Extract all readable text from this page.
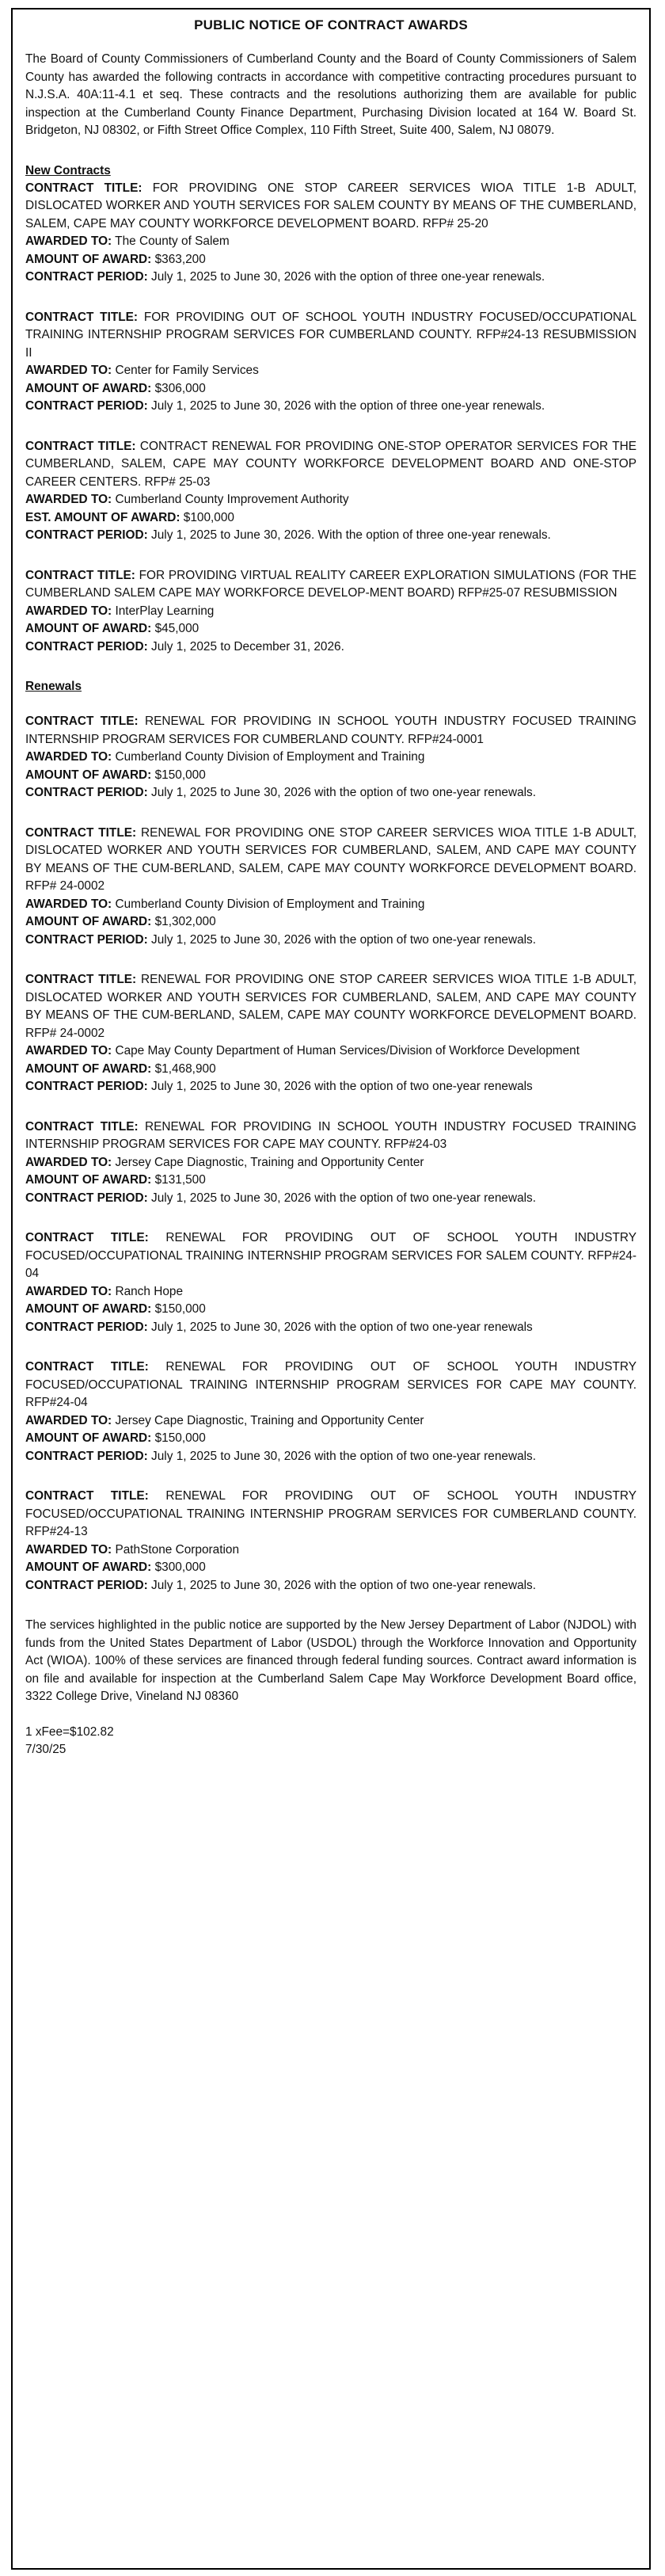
PUBLIC NOTICE OF CONTRACT AWARDS

The Board of County Commissioners of Cumberland County and the Board of County Commissioners of Salem County has awarded the following contracts in accordance with competitive contracting procedures pursuant to N.J.S.A. 40A:11-4.1 et seq. These contracts and the resolutions authorizing them are available for public inspection at the Cumberland County Finance Department, Purchasing Division located at 164 W. Board St. Bridgeton, NJ 08302, or Fifth Street Office Complex, 110 Fifth Street, Suite 400, Salem, NJ 08079.

New Contracts

CONTRACT TITLE: FOR PROVIDING ONE STOP CAREER SERVICES WIOA TITLE 1-B ADULT, DISLOCATED WORKER AND YOUTH SERVICES FOR SALEM COUNTY BY MEANS OF THE CUMBERLAND, SALEM, CAPE MAY COUNTY WORKFORCE DEVELOPMENT BOARD. RFP# 25-20

AWARDED TO: The County of Salem

AMOUNT OF AWARD: $363,200

CONTRACT PERIOD: July 1, 2025 to June 30, 2026 with the option of three one-year renewals.

CONTRACT TITLE: FOR PROVIDING OUT OF SCHOOL YOUTH INDUSTRY FOCUSED/OCCUPATIONAL TRAINING INTERNSHIP PROGRAM SERVICES FOR CUMBERLAND COUNTY. RFP#24-13 RESUBMISSION II

AWARDED TO: Center for Family Services

AMOUNT OF AWARD: $306,000

CONTRACT PERIOD: July 1, 2025 to June 30, 2026 with the option of three one-year renewals.

CONTRACT TITLE: CONTRACT RENEWAL FOR PROVIDING ONE-STOP OPERATOR SERVICES FOR THE CUMBERLAND, SALEM, CAPE MAY COUNTY WORKFORCE DEVELOPMENT BOARD AND ONE-STOP CAREER CENTERS. RFP# 25-03

AWARDED TO: Cumberland County Improvement Authority

EST. AMOUNT OF AWARD: $100,000

CONTRACT PERIOD: July 1, 2025 to June 30, 2026. With the option of three one-year renewals.

CONTRACT TITLE: FOR PROVIDING VIRTUAL REALITY CAREER EXPLORATION SIMULATIONS (FOR THE CUMBERLAND SALEM CAPE MAY WORKFORCE DEVELOP-MENT BOARD) RFP#25-07 RESUBMISSION

AWARDED TO: InterPlay Learning

AMOUNT OF AWARD: $45,000

CONTRACT PERIOD: July 1, 2025 to December 31, 2026.

Renewals

CONTRACT TITLE: RENEWAL FOR PROVIDING IN SCHOOL YOUTH INDUSTRY FOCUSED TRAINING INTERNSHIP PROGRAM SERVICES FOR CUMBERLAND COUNTY. RFP#24-0001

AWARDED TO: Cumberland County Division of Employment and Training

AMOUNT OF AWARD: $150,000

CONTRACT PERIOD: July 1, 2025 to June 30, 2026 with the option of two one-year renewals.

CONTRACT TITLE: RENEWAL FOR PROVIDING ONE STOP CAREER SERVICES WIOA TITLE 1-B ADULT, DISLOCATED WORKER AND YOUTH SERVICES FOR CUMBERLAND, SALEM, AND CAPE MAY COUNTY BY MEANS OF THE CUM-BERLAND, SALEM, CAPE MAY COUNTY WORKFORCE DEVELOPMENT BOARD. RFP# 24-0002

AWARDED TO: Cumberland County Division of Employment and Training

AMOUNT OF AWARD: $1,302,000

CONTRACT PERIOD: July 1, 2025 to June 30, 2026 with the option of two one-year renewals.

CONTRACT TITLE: RENEWAL FOR PROVIDING ONE STOP CAREER SERVICES WIOA TITLE 1-B ADULT, DISLOCATED WORKER AND YOUTH SERVICES FOR CUMBERLAND, SALEM, AND CAPE MAY COUNTY BY MEANS OF THE CUM-BERLAND, SALEM, CAPE MAY COUNTY WORKFORCE DEVELOPMENT BOARD. RFP# 24-0002

AWARDED TO: Cape May County Department of Human Services/Division of Workforce Development

AMOUNT OF AWARD: $1,468,900

CONTRACT PERIOD: July 1, 2025 to June 30, 2026 with the option of two one-year renewals

CONTRACT TITLE: RENEWAL FOR PROVIDING IN SCHOOL YOUTH INDUSTRY FOCUSED TRAINING INTERNSHIP PROGRAM SERVICES FOR CAPE MAY COUNTY. RFP#24-03

AWARDED TO: Jersey Cape Diagnostic, Training and Opportunity Center

AMOUNT OF AWARD: $131,500

CONTRACT PERIOD: July 1, 2025 to June 30, 2026 with the option of two one-year renewals.

CONTRACT TITLE: RENEWAL FOR PROVIDING OUT OF SCHOOL YOUTH INDUSTRY FOCUSED/OCCUPATIONAL TRAINING INTERNSHIP PROGRAM SERVICES FOR SALEM COUNTY. RFP#24-04

AWARDED TO: Ranch Hope

AMOUNT OF AWARD: $150,000

CONTRACT PERIOD: July 1, 2025 to June 30, 2026 with the option of two one-year renewals

CONTRACT TITLE: RENEWAL FOR PROVIDING OUT OF SCHOOL YOUTH INDUSTRY FOCUSED/OCCUPATIONAL TRAINING INTERNSHIP PROGRAM SERVICES FOR CAPE MAY COUNTY. RFP#24-04

AWARDED TO: Jersey Cape Diagnostic, Training and Opportunity Center

AMOUNT OF AWARD: $150,000

CONTRACT PERIOD: July 1, 2025 to June 30, 2026 with the option of two one-year renewals.

CONTRACT TITLE: RENEWAL FOR PROVIDING OUT OF SCHOOL YOUTH INDUSTRY FOCUSED/OCCUPATIONAL TRAINING INTERNSHIP PROGRAM SERVICES FOR CUMBERLAND COUNTY. RFP#24-13

AWARDED TO: PathStone Corporation

AMOUNT OF AWARD: $300,000

CONTRACT PERIOD: July 1, 2025 to June 30, 2026 with the option of two one-year renewals.

The services highlighted in the public notice are supported by the New Jersey Department of Labor (NJDOL) with funds from the United States Department of Labor (USDOL) through the Workforce Innovation and Opportunity Act (WIOA). 100% of these services are financed through federal funding sources. Contract award information is on file and available for inspection at the Cumberland Salem Cape May Workforce Development Board office, 3322 College Drive, Vineland NJ 08360

1 xFee=$102.82

7/30/25
